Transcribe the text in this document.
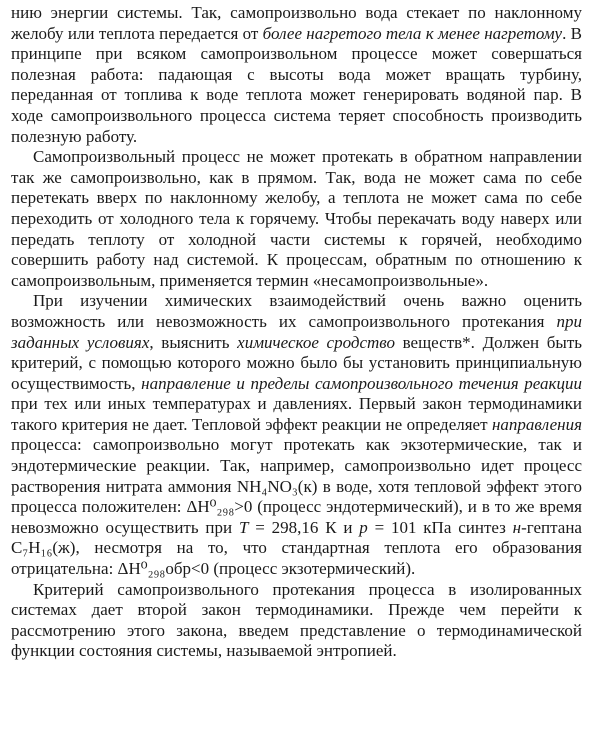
нию энергии системы. Так, самопроизвольно вода стекает по наклонному желобу или теплота передается от более нагретого тела к менее нагретому. В принципе при всяком самопроизвольном процессе может совершаться полезная работа: падающая с высоты вода может вращать турбину, переданная от топлива к воде теплота может генерировать водяной пар. В ходе самопроизвольного процесса система теряет способность производить полезную работу.

Самопроизвольный процесс не может протекать в обратном направлении так же самопроизвольно, как в прямом. Так, вода не может сама по себе перетекать вверх по наклонному желобу, а теплота не может сама по себе переходить от холодного тела к горячему. Чтобы перекачать воду наверх или передать теплоту от холодной части системы к горячей, необходимо совершить работу над системой. К процессам, обратным по отношению к самопроизвольным, применяется термин «несамопроизвольные».

При изучении химических взаимодействий очень важно оценить возможность или невозможность их самопроизвольного протекания при заданных условиях, выяснить химическое сродство веществ*. Должен быть критерий, с помощью которого можно было бы установить принципиальную осуществимость, направление и пределы самопроизвольного течения реакции при тех или иных температурах и давлениях. Первый закон термодинамики такого критерия не дает. Тепловой эффект реакции не определяет направления процесса: самопроизвольно могут протекать как экзотермические, так и эндотермические реакции. Так, например, самопроизвольно идет процесс растворения нитрата аммония NH₄NO₃(к) в воде, хотя тепловой эффект этого процесса положителен: ΔH⁰₂₉₈>0 (процесс эндотермический), и в то же время невозможно осуществить при T = 298,16 К и p = 101 кПа синтез н-гептана C₇H₁₆(ж), несмотря на то, что стандартная теплота его образования отрицательна: ΔH⁰₂₉₈обр<0 (процесс экзотермический).

Критерий самопроизвольного протекания процесса в изолированных системах дает второй закон термодинамики. Прежде чем перейти к рассмотрению этого закона, введем представление о термодинамической функции состояния системы, называемой энтропией.
